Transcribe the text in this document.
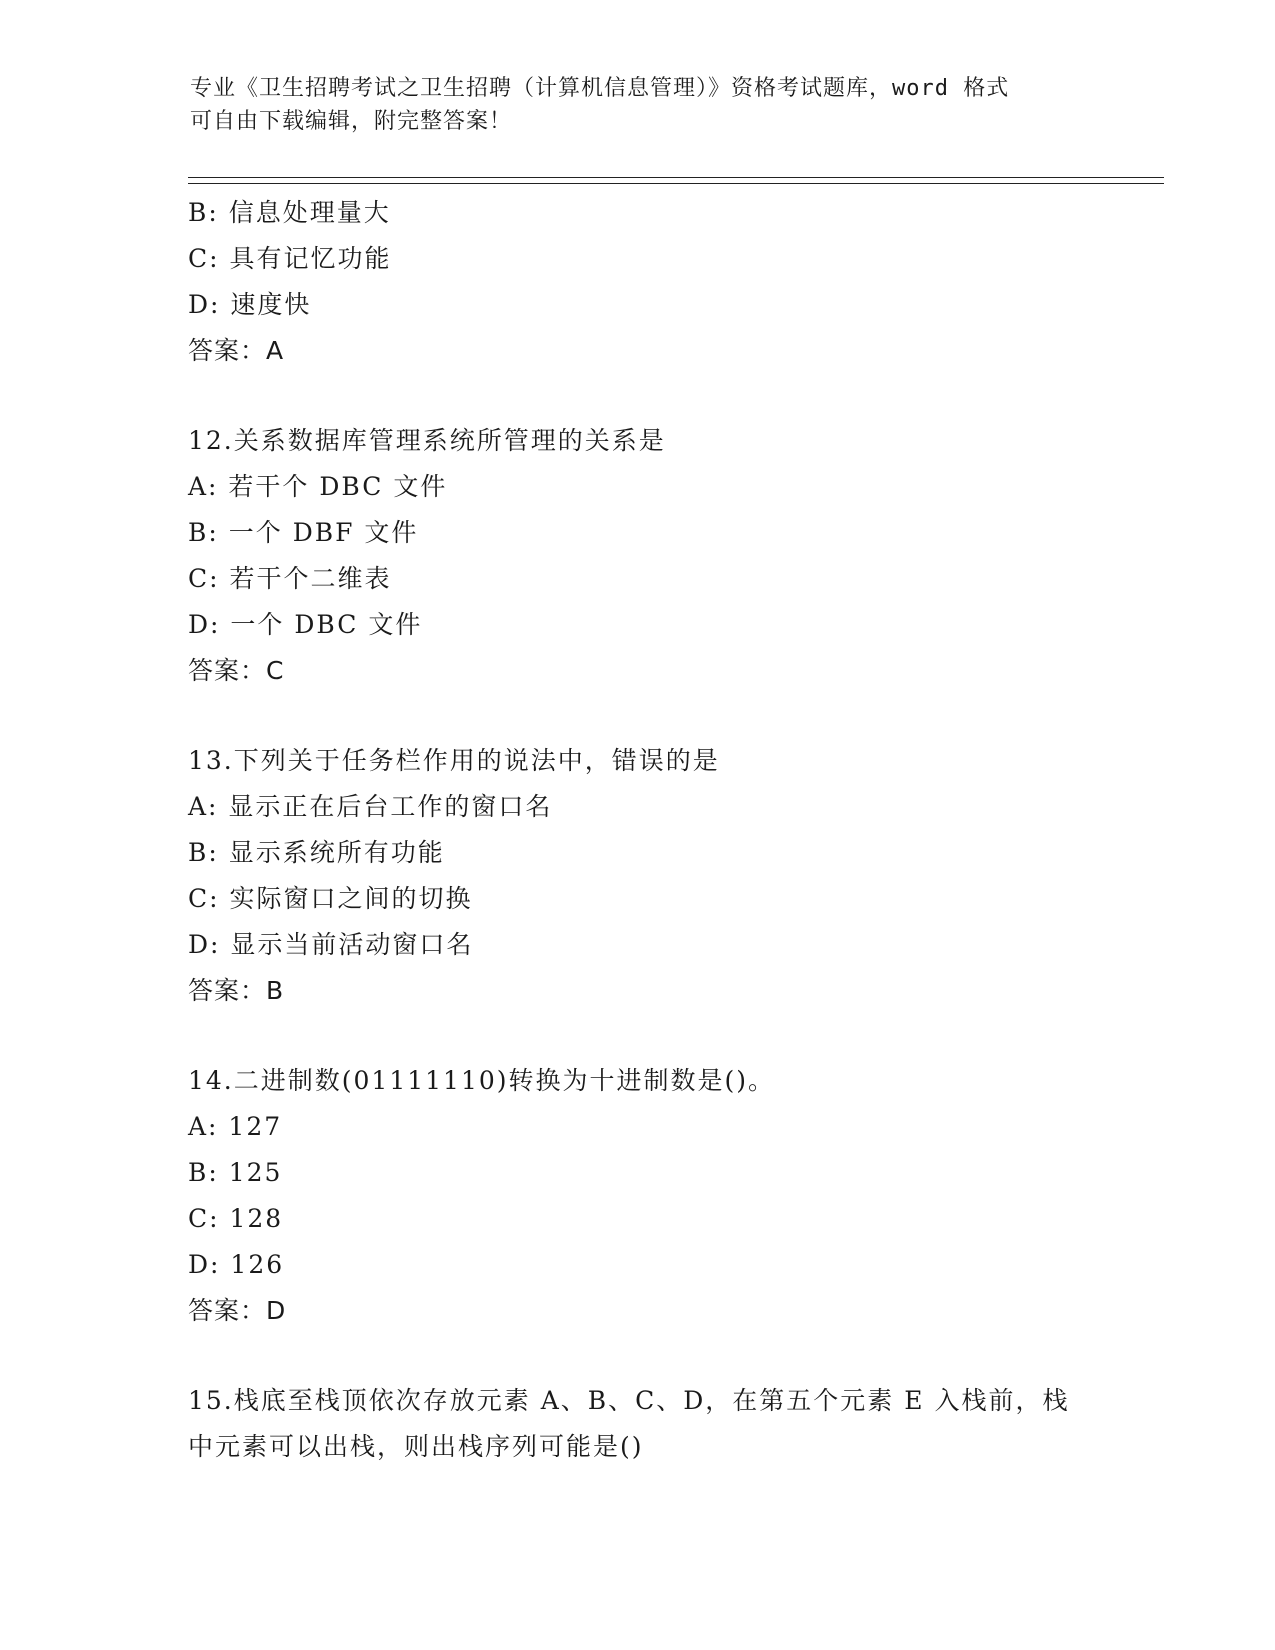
专业《卫生招聘考试之卫生招聘（计算机信息管理）》资格考试题库，word 格式
可自由下载编辑，附完整答案！
B: 信息处理量大
C: 具有记忆功能
D: 速度快
答案：A
12.关系数据库管理系统所管理的关系是
A: 若干个 DBC 文件
B: 一个 DBF 文件
C: 若干个二维表
D: 一个 DBC 文件
答案：C
13.下列关于任务栏作用的说法中，错误的是
A: 显示正在后台工作的窗口名
B: 显示系统所有功能
C: 实际窗口之间的切换
D: 显示当前活动窗口名
答案：B
14.二进制数(01111110)转换为十进制数是()。
A: 127
B: 125
C: 128
D: 126
答案：D
15.栈底至栈顶依次存放元素 A、B、C、D，在第五个元素 E 入栈前，栈
中元素可以出栈，则出栈序列可能是()
